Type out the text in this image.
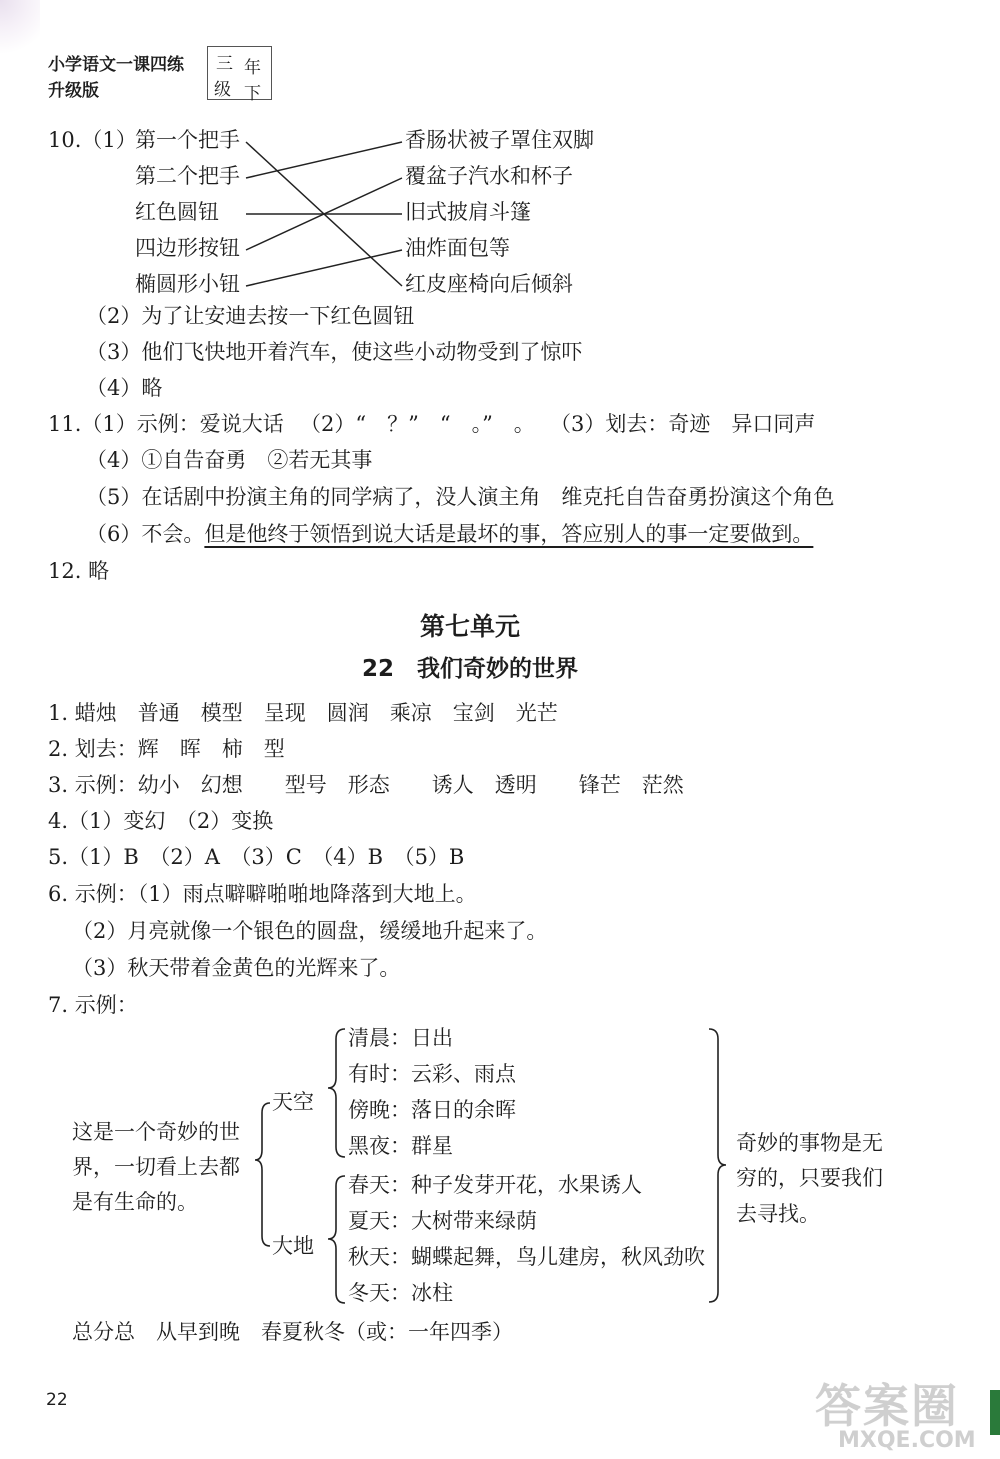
小学语文一课四练
升级版
三 年
级 下
10.（1）
第一个把手
第二个把手
红色圆钮
四边形按钮
椭圆形小钮
香肠状被子罩住双脚
覆盆子汽水和杯子
旧式披肩斗篷
油炸面包等
红皮座椅向后倾斜
（2）为了让安迪去按一下红色圆钮
（3）他们飞快地开着汽车，使这些小动物受到了惊吓
（4）略
11.（1）示例：爱说大话 （2）“　？”　“　。”　。 （3）划去：奇迹　异口同声
（4）①自告奋勇　②若无其事
（5）在话剧中扮演主角的同学病了，没人演主角　维克托自告奋勇扮演这个角色
（6）不会。但是他终于领悟到说大话是最坏的事，答应别人的事一定要做到。
12. 略
第七单元
22　我们奇妙的世界
1. 蜡烛　普通　模型　呈现　圆润　乘凉　宝剑　光芒
2. 划去：辉　晖　柿　型
3. 示例：幼小　幻想　　型号　形态　　诱人　透明　　锋芒　茫然
4.（1）变幻　（2）变换
5.（1）B　（2）A　（3）C　（4）B　（5）B
6. 示例：（1）雨点噼噼啪啪地降落到大地上。
（2）月亮就像一个银色的圆盘，缓缓地升起来了。
（3）秋天带着金黄色的光辉来了。
7. 示例：
这是一个奇妙的世
界，一切看上去都
是有生命的。
天空
大地
清晨：日出
有时：云彩、雨点
傍晚：落日的余晖
黑夜：群星
春天：种子发芽开花，水果诱人
夏天：大树带来绿荫
秋天：蝴蝶起舞，鸟儿建房，秋风劲吹
冬天：冰柱
奇妙的事物是无
穷的，只要我们
去寻找。
总分总　从早到晚　春夏秋冬（或：一年四季）
22	答案圈
MXQE.COM
